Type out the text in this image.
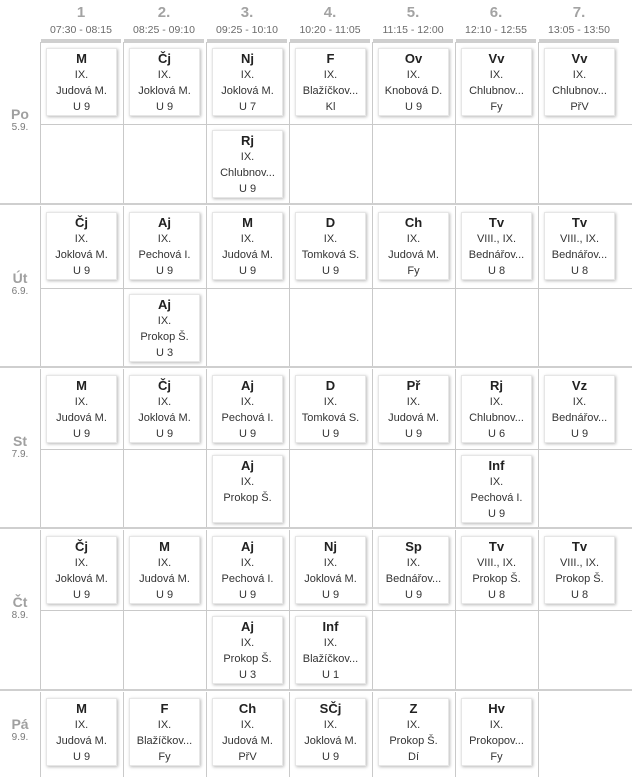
1
07:30 - 08:15
2.
08:25 - 09:10
3.
09:25 - 10:10
4.
10:20 - 11:05
5.
11:15 - 12:00
6.
12:10 - 12:55
7.
13:05 - 13:50
Po
5.9.
M
IX.
Judová M.
U 9
Čj
IX.
Joklová M.
U 9
Nj
IX.
Joklová M.
U 7
F
IX.
Blažíčkov...
Kl
Ov
IX.
Knobová D.
U 9
Vv
IX.
Chlubnov...
Fy
Vv
IX.
Chlubnov...
PřV
Rj
IX.
Chlubnov...
U 9
Út
6.9.
Čj
IX.
Joklová M.
U 9
Aj
IX.
Pechová I.
U 9
M
IX.
Judová M.
U 9
D
IX.
Tomková S.
U 9
Ch
IX.
Judová M.
Fy
Tv
VIII., IX.
Bednářov...
U 8
Tv
VIII., IX.
Bednářov...
U 8
Aj
IX.
Prokop Š.
U 3
St
7.9.
M
IX.
Judová M.
U 9
Čj
IX.
Joklová M.
U 9
Aj
IX.
Pechová I.
U 9
D
IX.
Tomková S.
U 9
Př
IX.
Judová M.
U 9
Rj
IX.
Chlubnov...
U 6
Vz
IX.
Bednářov...
U 9
Aj
IX.
Prokop Š.
Inf
IX.
Pechová I.
U 9
Čt
8.9.
Čj
IX.
Joklová M.
U 9
M
IX.
Judová M.
U 9
Aj
IX.
Pechová I.
U 9
Nj
IX.
Joklová M.
U 9
Sp
IX.
Bednářov...
U 9
Tv
VIII., IX.
Prokop Š.
U 8
Tv
VIII., IX.
Prokop Š.
U 8
Aj
IX.
Prokop Š.
U 3
Inf
IX.
Blažíčkov...
U 1
Pá
9.9.
M
IX.
Judová M.
U 9
F
IX.
Blažíčkov...
Fy
Ch
IX.
Judová M.
PřV
SČj
IX.
Joklová M.
U 9
Z
IX.
Prokop Š.
Dí
Hv
IX.
Prokopov...
Fy
